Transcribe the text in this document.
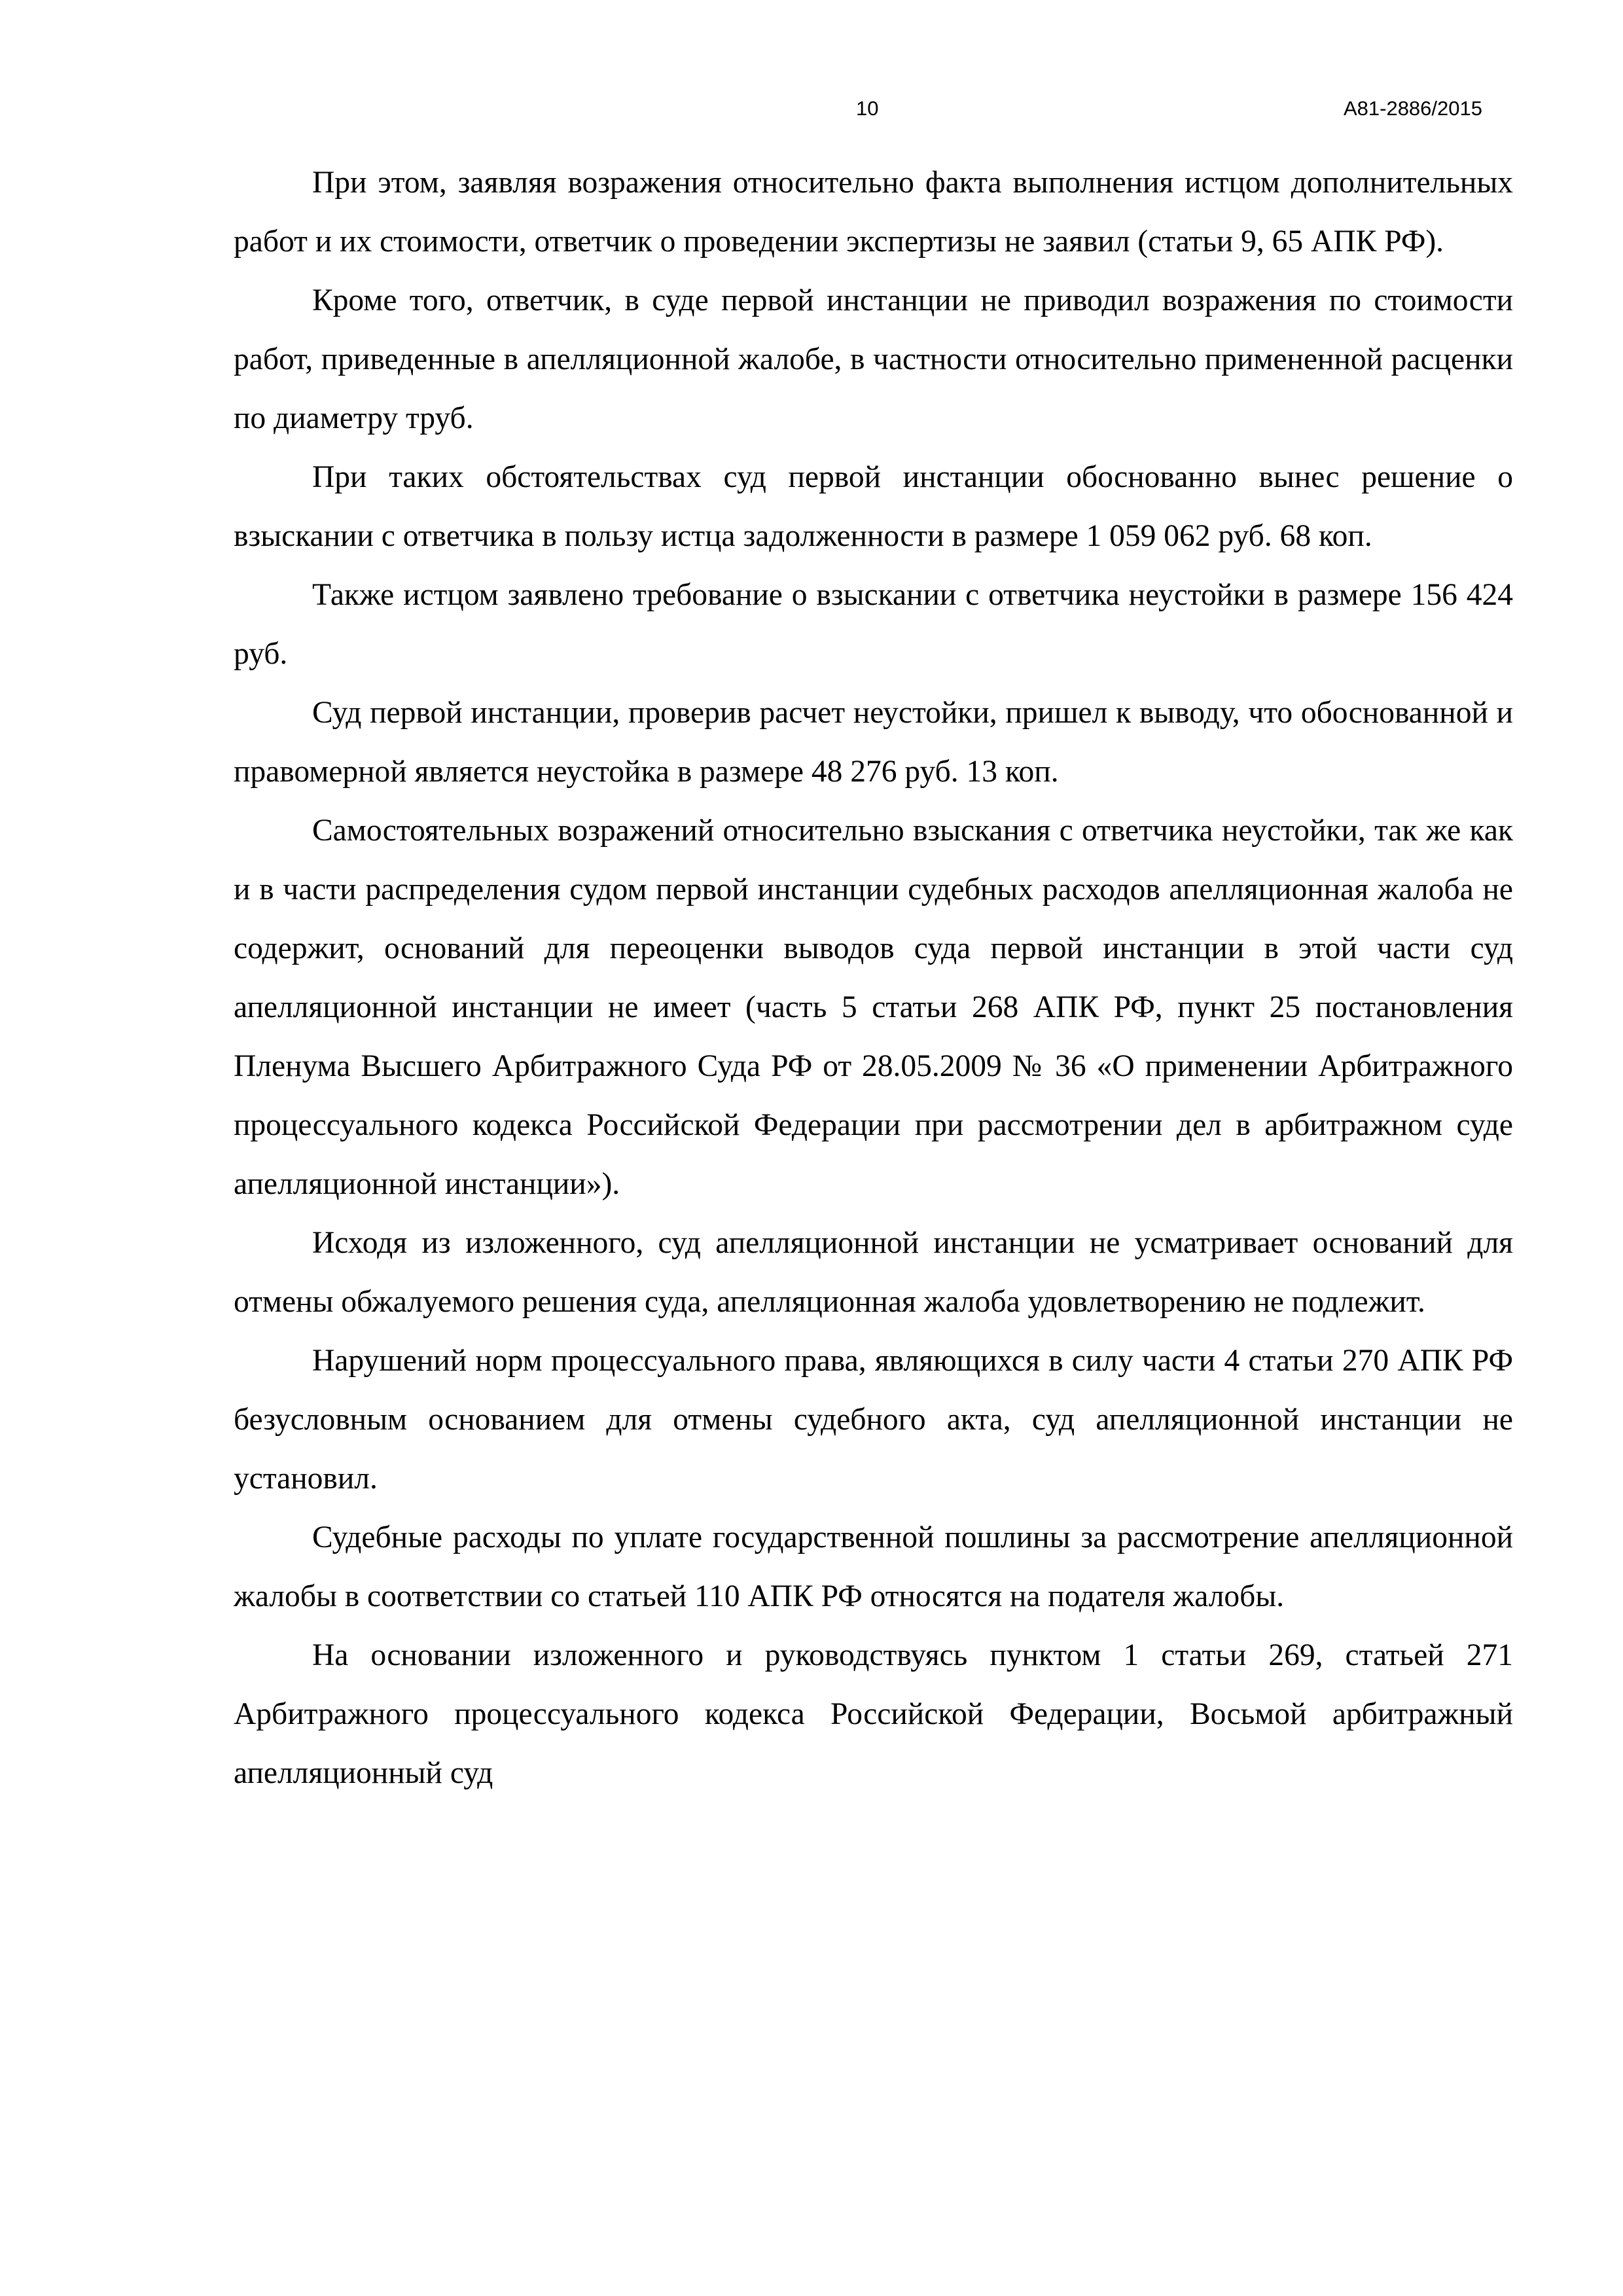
10	А81-2886/2015

При этом, заявляя возражения относительно факта выполнения истцом дополнительных работ и их стоимости, ответчик о проведении экспертизы не заявил (статьи 9, 65 АПК РФ).

Кроме того, ответчик, в суде первой инстанции не приводил возражения по стоимости работ, приведенные в апелляционной жалобе, в частности относительно примененной расценки по диаметру труб.

При таких обстоятельствах суд первой инстанции обоснованно вынес решение о взыскании с ответчика в пользу истца задолженности в размере 1 059 062 руб. 68 коп.

Также истцом заявлено требование о взыскании с ответчика неустойки в размере 156 424 руб.

Суд первой инстанции, проверив расчет неустойки, пришел к выводу, что обоснованной и правомерной является неустойка в размере 48 276 руб. 13 коп.

Самостоятельных возражений относительно взыскания с ответчика неустойки, так же как и в части распределения судом первой инстанции судебных расходов апелляционная жалоба не содержит, оснований для переоценки выводов суда первой инстанции в этой части суд апелляционной инстанции не имеет (часть 5 статьи 268 АПК РФ, пункт 25 постановления Пленума Высшего Арбитражного Суда РФ от 28.05.2009 № 36 «О применении Арбитражного процессуального кодекса Российской Федерации при рассмотрении дел в арбитражном суде апелляционной инстанции»).

Исходя из изложенного, суд апелляционной инстанции не усматривает оснований для отмены обжалуемого решения суда, апелляционная жалоба удовлетворению не подлежит.

Нарушений норм процессуального права, являющихся в силу части 4 статьи 270 АПК РФ безусловным основанием для отмены судебного акта, суд апелляционной инстанции не установил.

Судебные расходы по уплате государственной пошлины за рассмотрение апелляционной жалобы в соответствии со статьей 110 АПК РФ относятся на подателя жалобы.

На основании изложенного и руководствуясь пунктом 1 статьи 269, статьей 271 Арбитражного процессуального кодекса Российской Федерации, Восьмой арбитражный апелляционный суд
